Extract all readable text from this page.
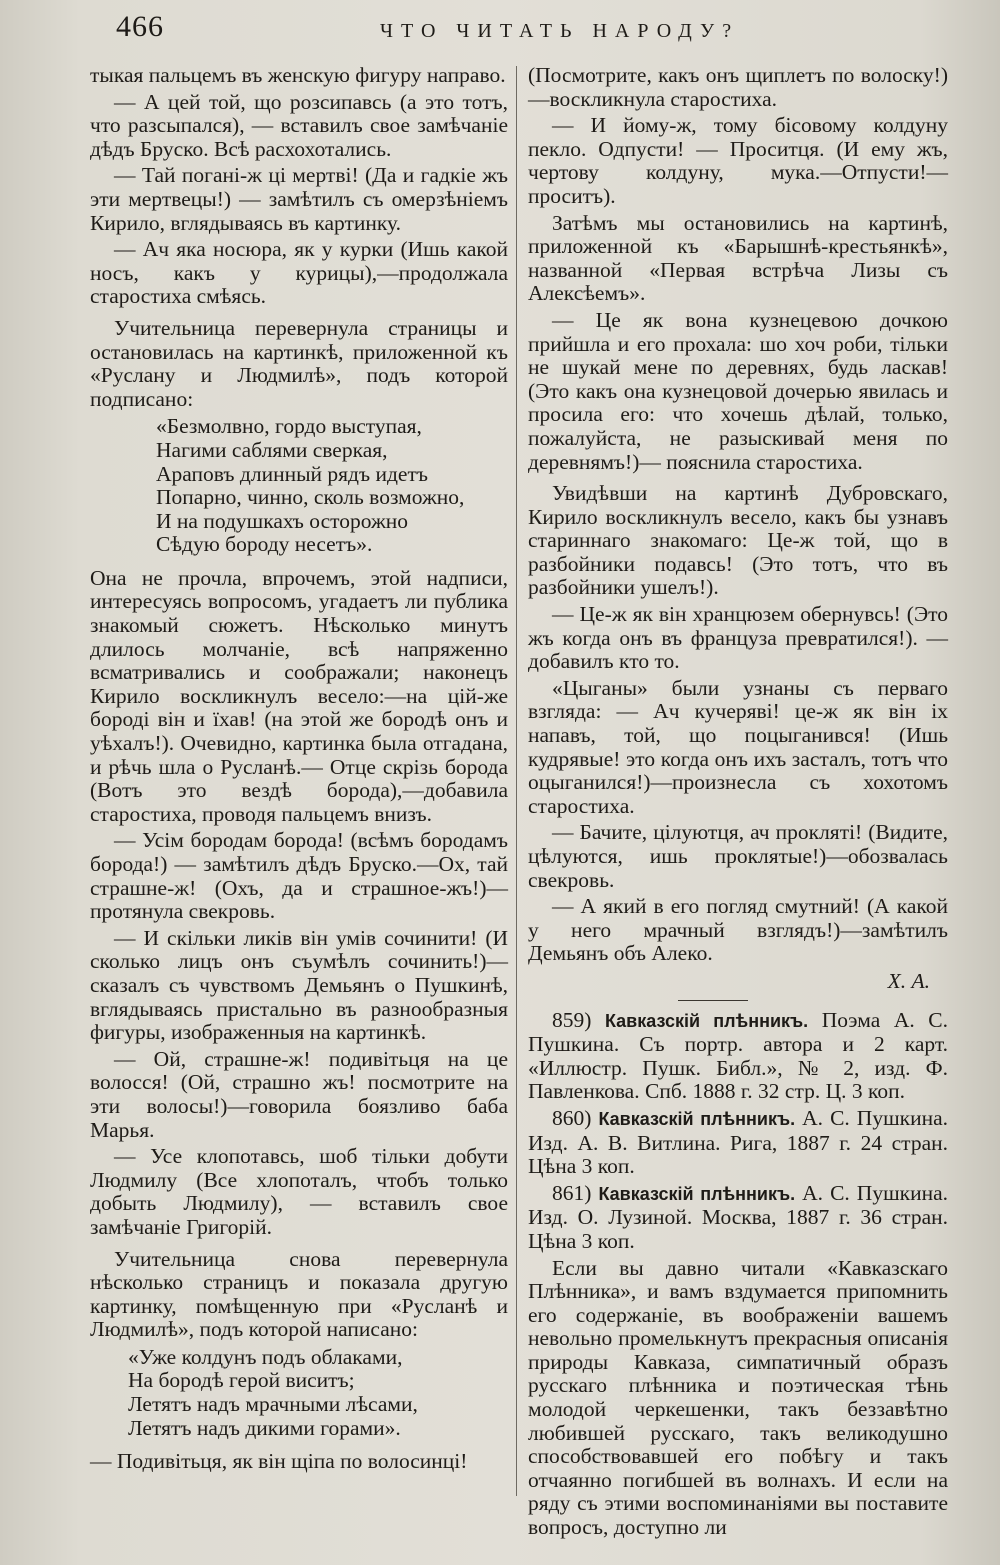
466	ЧТО ЧИТАТЬ НАРОДУ?

тыкая пальцемъ въ женскую фигуру направо.

— А цей той, що розсипавсь (а это тотъ, что разсыпался), — вставилъ свое замѣчаніе дѣдъ Бруско. Всѣ расхохотались.

— Тай погані-ж ці мертві! (Да и гадкіе жъ эти мертвецы!) — замѣтилъ съ омерзѣніемъ Кирило, вглядываясь въ картинку.

— Ач яка носюра, як у курки (Ишь какой носъ, какъ у курицы),—продолжала старостиха смѣясь.

Учительница перевернула страницы и остановилась на картинкѣ, приложенной къ «Руслану и Людмилѣ», подъ которой подписано:

«Безмолвно, гордо выступая,
Нагими саблями сверкая,
Араповъ длинный рядъ идетъ
Попарно, чинно, сколь возможно,
И на подушкахъ осторожно
Сѣдую бороду несетъ».

Она не прочла, впрочемъ, этой надписи, интересуясь вопросомъ, угадаетъ ли публика знакомый сюжетъ. Нѣсколько минутъ длилось молчаніе, всѣ напряженно всматривались и соображали; наконецъ Кирило воскликнулъ весело:—на цій-же бороді він и їхав! (на этой же бородѣ онъ и уѣхалъ!). Очевидно, картинка была отгадана, и рѣчь шла о Русланѣ.— Отце скрізь борода (Вотъ это вездѣ борода),—добавила старостиха, проводя пальцемъ внизъ.

— Усім бородам борода! (всѣмъ бородамъ борода!) — замѣтилъ дѣдъ Бруско.—Ох, тай страшне-ж! (Охъ, да и страшное-жъ!)—протянула свекровь.

— И скільки ликів він умів сочинити! (И сколько лицъ онъ съумѣлъ сочинить!)—сказалъ съ чувствомъ Демьянъ о Пушкинѣ, вглядываясь пристально въ разнообразныя фигуры, изображенныя на картинкѣ.

— Ой, страшне-ж! подивітьця на це волосся! (Ой, страшно жъ! посмотрите на эти волосы!)—говорила боязливо баба Марья.

— Усе клопотавсь, шоб тільки добути Людмилу (Все хлопоталъ, чтобъ только добыть Людмилу), — вставилъ свое замѣчаніе Григорій.

Учительница снова перевернула нѣсколько страницъ и показала другую картинку, помѣщенную при «Русланѣ и Людмилѣ», подъ которой написано:

«Уже колдунъ подъ облаками,
На бородѣ герой виситъ;
Летятъ надъ мрачными лѣсами,
Летятъ надъ дикими горами».

— Подивітьця, як він щіпа по волосинці!

(Посмотрите, какъ онъ щиплетъ по волоску!) —воскликнула старостиха.

— И йому-ж, тому бісовому колдуну пекло. Одпусти! — Проситця. (И ему жъ, чертову колдуну, мука.—Отпусти!—проситъ).

Затѣмъ мы остановились на картинѣ, приложенной къ «Барышнѣ-крестьянкѣ», названной «Первая встрѣча Лизы съ Алексѣемъ».

— Це як вона кузнецевою дочкою прийшла и его прохала: шо хоч роби, тільки не шукай мене по деревнях, будь ласкав! (Это какъ она кузнецовой дочерью явилась и просила его: что хочешь дѣлай, только, пожалуйста, не разыскивай меня по деревнямъ!)— пояснила старостиха.

Увидѣвши на картинѣ Дубровскаго, Кирило воскликнулъ весело, какъ бы узнавъ стариннаго знакомаго: Це-ж той, що в разбойники подавсь! (Это тотъ, что въ разбойники ушелъ!).

— Це-ж як він хранцюзем обернувсь! (Это жъ когда онъ въ француза превратился!). —добавилъ кто то.

«Цыганы» были узнаны съ перваго взгляда: — Ач кучеряві! це-ж як він іх напавъ, той, що поцыганився! (Ишь кудрявые! это когда онъ ихъ засталъ, тотъ что оцыганился!)—произнесла съ хохотомъ старостиха.

— Бачите, цілуютця, ач прокляті! (Видите, цѣлуются, ишь проклятые!)—обозвалась свекровь.

— А який в его погляд смутний! (А какой у него мрачный взглядъ!)—замѣтилъ Демьянъ объ Алеко.

Х. А.

859) Кавказскій плѣнникъ. Поэма А. С. Пушкина. Съ портр. автора и 2 карт. «Иллюстр. Пушк. Библ.», № 2, изд. Ф. Павленкова. Спб. 1888 г. 32 стр. Ц. 3 коп.

860) Кавказскій плѣнникъ. А. С. Пушкина. Изд. А. В. Витлина. Рига, 1887 г. 24 стран. Цѣна 3 коп.

861) Кавказскій плѣнникъ. А. С. Пушкина. Изд. О. Лузиной. Москва, 1887 г. 36 стран. Цѣна 3 коп.

Если вы давно читали «Кавказскаго Плѣнника», и вамъ вздумается припомнить его содержаніе, въ воображеніи вашемъ невольно промелькнутъ прекрасныя описанія природы Кавказа, симпатичный образъ русскаго плѣнника и поэтическая тѣнь молодой черкешенки, такъ беззавѣтно любившей русскаго, такъ великодушно способствовавшей его побѣгу и такъ отчаянно погибшей въ волнахъ. И если на ряду съ этими воспоминаніями вы поставите вопросъ, доступно ли
